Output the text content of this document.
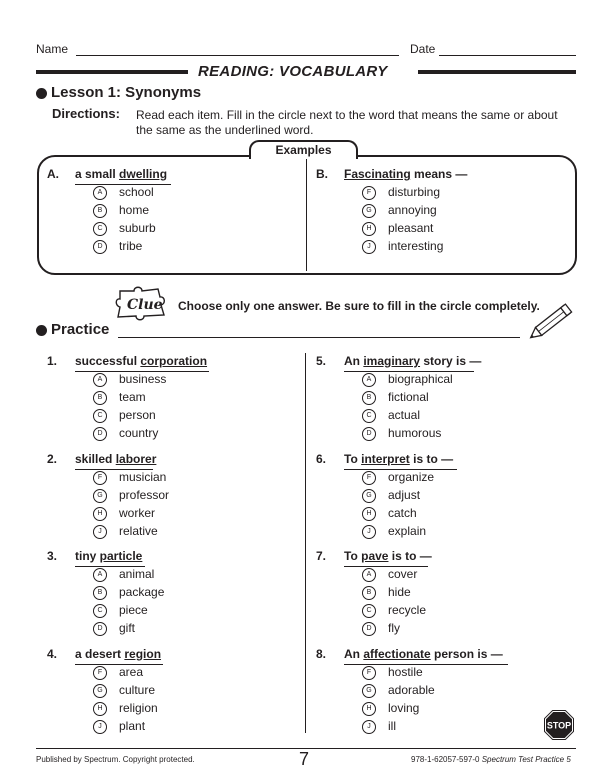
Name	Date
READING: VOCABULARY
Lesson 1: Synonyms
Directions: Read each item. Fill in the circle next to the word that means the same or about
the same as the underlined word.
Examples
A. a small dwelling
A	school
B	home
C	suburb
D	tribe
B. Fascinating means —
F	disturbing
G	annoying
H	pleasant
J	interesting
Clue Choose only one answer. Be sure to fill in the circle completely.
Practice
1. successful corporation
A	business
B	team
C	person
D	country
2. skilled laborer
F	musician
G	professor
H	worker
J	relative
3. tiny particle
A	animal
B	package
C	piece
D	gift
4. a desert region
F	area
G	culture
H	religion
J	plant
5. An imaginary story is —
A	biographical
B	fictional
C	actual
D	humorous
6. To interpret is to —
F	organize
G	adjust
H	catch
J	explain
7. To pave is to —
A	cover
B	hide
C	recycle
D	fly
8. An affectionate person is —
F	hostile
G	adorable
H	loving
J	ill	STOP
Published by Spectrum. Copyright protected.	7	978-1-62057-597-0 Spectrum Test Practice 5
